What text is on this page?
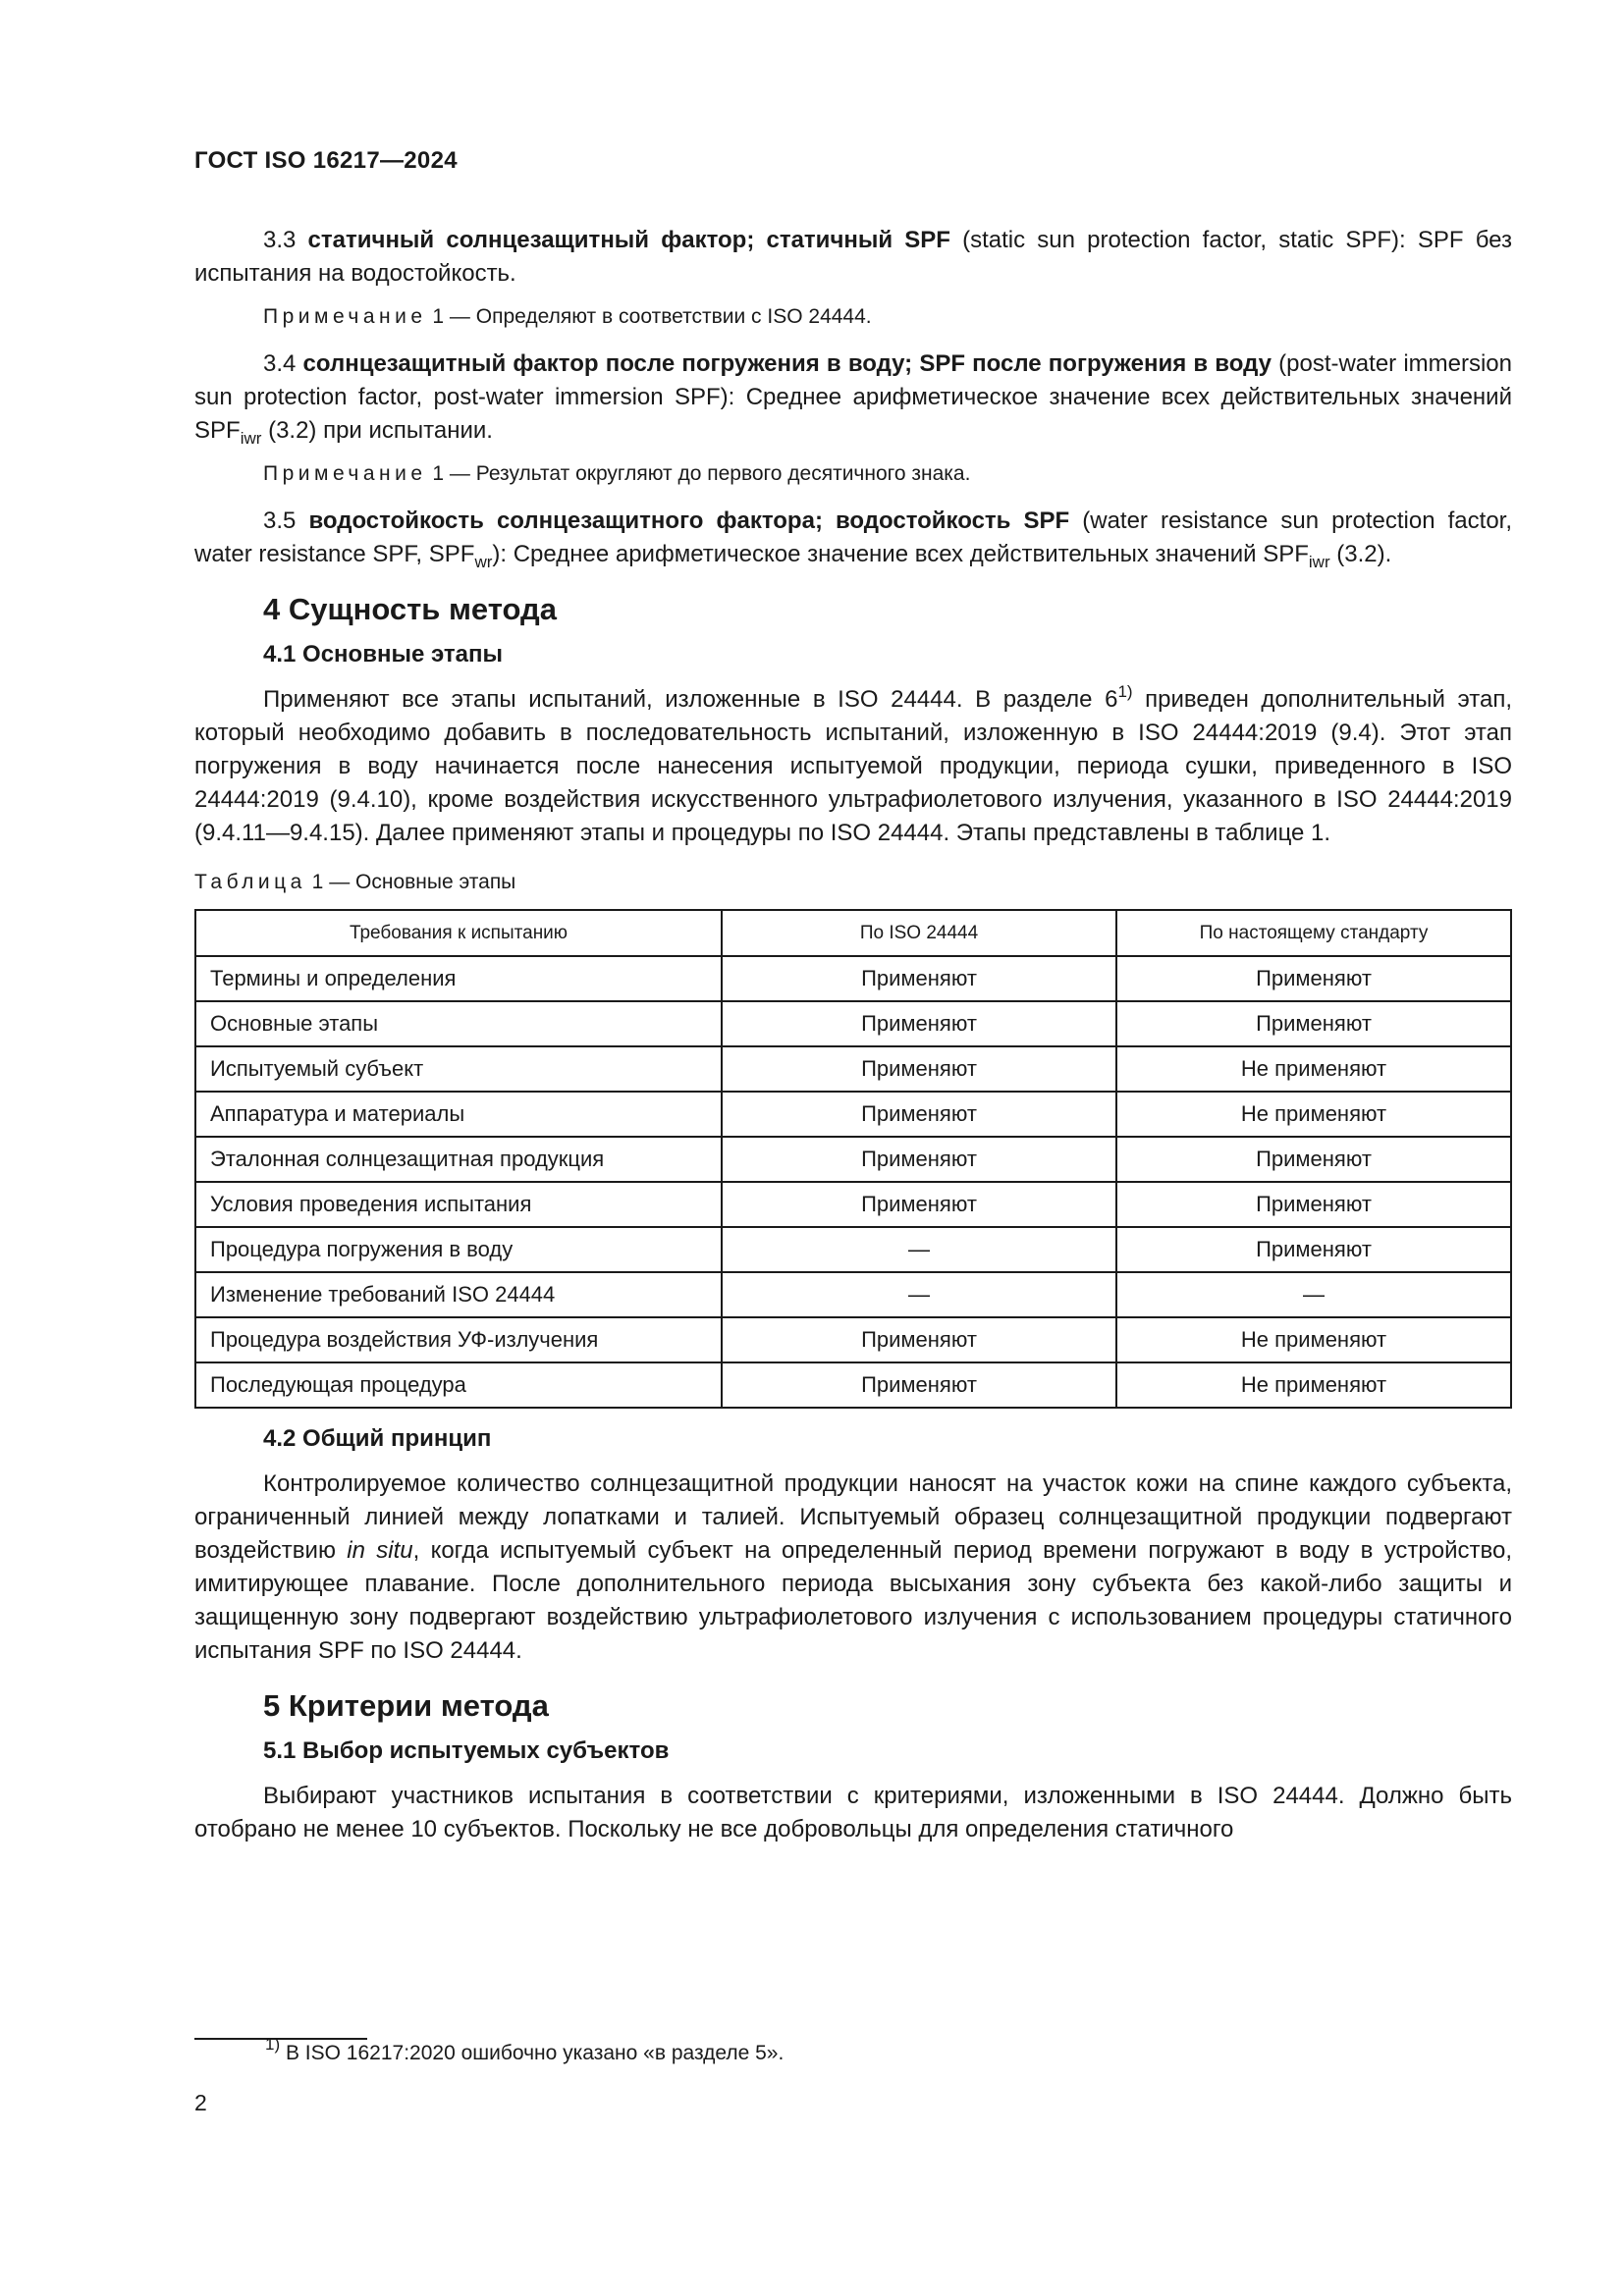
ГОСТ ISO 16217—2024

3.3 статичный солнцезащитный фактор; статичный SPF (static sun protection factor, static SPF): SPF без испытания на водостойкость.

Примечание 1 — Определяют в соответствии с ISO 24444.

3.4 солнцезащитный фактор после погружения в воду; SPF после погружения в воду (post-water immersion sun protection factor, post-water immersion SPF): Среднее арифметическое значение всех действительных значений $SPF_{iwr}$ (3.2) при испытании.

Примечание 1 — Результат округляют до первого десятичного знака.

3.5 водостойкость солнцезащитного фактора; водостойкость SPF (water resistance sun protection factor, water resistance SPF, $SPF_{wr}$): Среднее арифметическое значение всех действительных значений $SPF_{iwr}$ (3.2).

4 Сущность метода
4.1 Основные этапы

Применяют все этапы испытаний, изложенные в ISO 24444. В разделе 6$^{1)}$ приведен дополнительный этап, который необходимо добавить в последовательность испытаний, изложенную в ISO 24444:2019 (9.4). Этот этап погружения в воду начинается после нанесения испытуемой продукции, периода сушки, приведенного в ISO 24444:2019 (9.4.10), кроме воздействия искусственного ультрафиолетового излучения, указанного в ISO 24444:2019 (9.4.11—9.4.15). Далее применяют этапы и процедуры по ISO 24444. Этапы представлены в таблице 1.

Таблица 1 — Основные этапы
Требования к испытанию	По ISO 24444	По настоящему стандарту
Термины и определения	Применяют	Применяют
Основные этапы	Применяют	Применяют
Испытуемый субъект	Применяют	Не применяют
Аппаратура и материалы	Применяют	Не применяют
Эталонная солнцезащитная продукция	Применяют	Применяют
Условия проведения испытания	Применяют	Применяют
Процедура погружения в воду	—	Применяют
Изменение требований ISO 24444	—	—
Процедура воздействия УФ-излучения	Применяют	Не применяют
Последующая процедура	Применяют	Не применяют
4.2 Общий принцип

Контролируемое количество солнцезащитной продукции наносят на участок кожи на спине каждого субъекта, ограниченный линией между лопатками и талией. Испытуемый образец солнцезащитной продукции подвергают воздействию in situ, когда испытуемый субъект на определенный период времени погружают в воду в устройство, имитирующее плавание. После дополнительного периода высыхания зону субъекта без какой-либо защиты и защищенную зону подвергают воздействию ультрафиолетового излучения с использованием процедуры статичного испытания SPF по ISO 24444.

5 Критерии метода
5.1 Выбор испытуемых субъектов

Выбирают участников испытания в соответствии с критериями, изложенными в ISO 24444. Должно быть отобрано не менее 10 субъектов. Поскольку не все добровольцы для определения статичного

$^{1)}$ В ISO 16217:2020 ошибочно указано «в разделе 5».
2
